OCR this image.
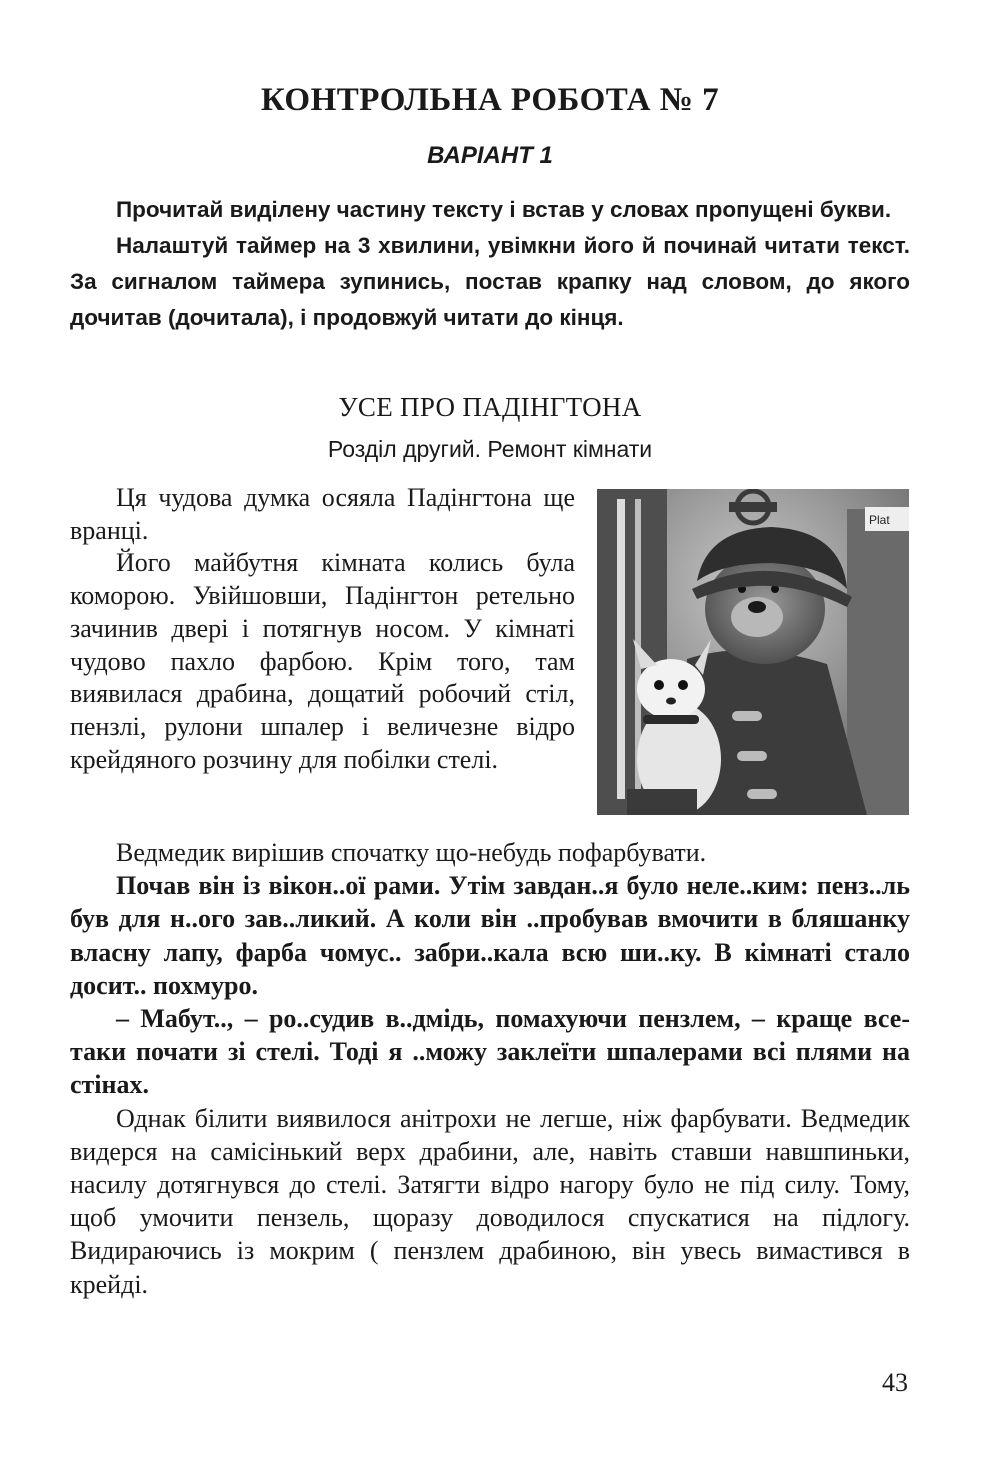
КОНТРОЛЬНА РОБОТА № 7
ВАРІАНТ 1

Прочитай виділену частину тексту і встав у словах пропущені букви.

Налаштуй таймер на 3 хвилини, увімкни його й починай читати текст. За сигналом таймера зупинись, постав крапку над словом, до якого дочитав (дочитала), і продовжуй читати до кінця.

УСЕ ПРО ПАДІНГТОНА
Розділ другий. Ремонт кімнати
Plat

Ця чудова думка осяяла Падінгтона ще вранці.

Його майбутня кімната колись була коморою. Увійшовши, Падінгтон ретельно зачинив двері і потягнув носом. У кімнаті чудово пахло фарбою. Крім того, там виявилася драбина, дощатий робочий стіл, пензлі, рулони шпалер і величезне відро крейдяного розчину для побілки стелі.

Ведмедик вирішив спочатку що-небудь пофарбувати.

Почав він із вікон..ої рами. Утім завдан..я було нелe..ким: пенз..ль був для н..ого зав..ликий. А коли він ..пробував вмочити в бляшанку власну лапу, фарба чомус.. забри..кала всю ши..ку. В кімнаті стало досит.. похмуро.

– Мабут.., – ро..судив в..дмідь, помахуючи пензлем, – краще все-таки почати зі стелі. Тоді я ..можу заклеїти шпалерами всі плями на стінах.

Однак білити виявилося анітрохи не легше, ніж фарбувати. Ведмедик видерся на самісінький верх драбини, але, навіть ставши навшпиньки, насилу дотягнувся до стелі. Затягти відро нагору було не під силу. Тому, щоб умочити пензель, щоразу доводилося спускатися на підлогу. Видираючись із мокрим ( пензлем драбиною, він увесь вимастився в крейді.

43
